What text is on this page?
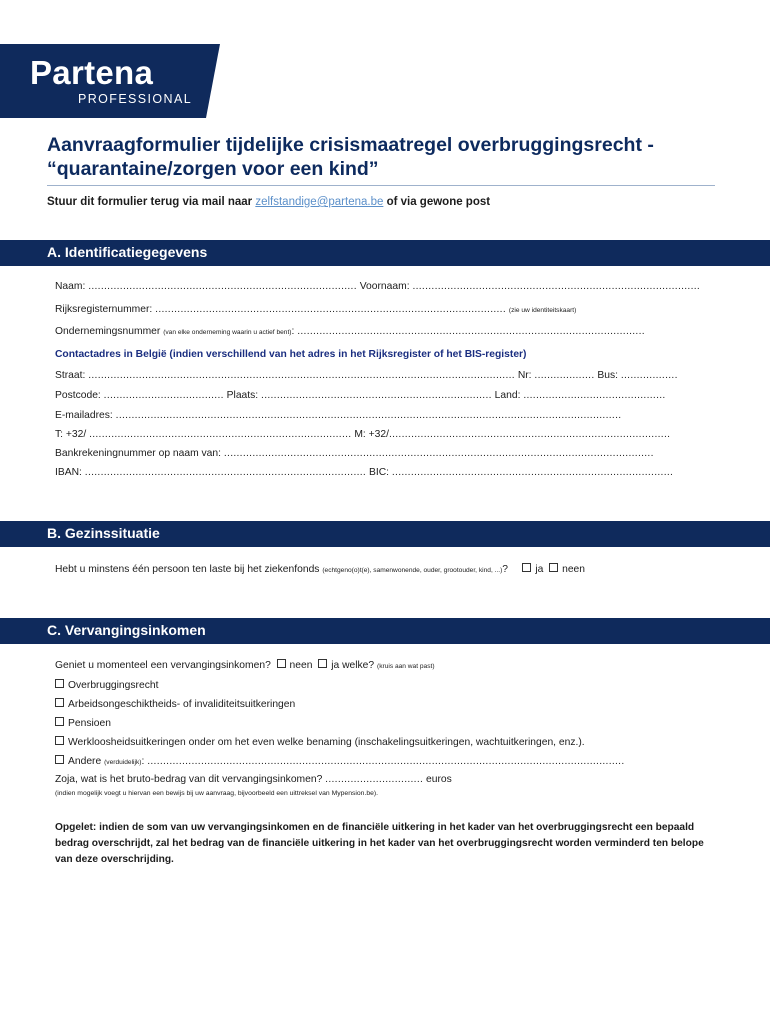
Partena
PROFESSIONAL
Aanvraagformulier tijdelijke crisismaatregel overbruggingsrecht -
“quarantaine/zorgen voor een kind”
Stuur dit formulier terug via mail naar zelfstandige@partena.be of via gewone post
A. Identificatiegegevens
Naam: ..................................................................................... Voornaam: ...........................................................................................
Rijksregisternummer: ............................................................................................................... (zie uw identiteitskaart)
Ondernemingsnummer (van elke onderneming waarin u actief bent): ..............................................................................................................
Contactadres in België (indien verschillend van het adres in het Rijksregister of het BIS-register)
Straat: ....................................................................................................................................... Nr: ................... Bus: ..................
Postcode: ...................................... Plaats: ......................................................................... Land: .............................................
E-mailadres: ................................................................................................................................................................
T: +32/ ................................................................................... M: +32/.........................................................................................
Bankrekeningnummer op naam van: ........................................................................................................................................
IBAN: ......................................................................................... BIC: .........................................................................................
B. Gezinssituatie
Hebt u minstens één persoon ten laste bij het ziekenfonds (echtgeno(o)t(e), samenwonende, ouder, grootouder, kind, ...)?	ja neen
C. Vervangingsinkomen
Geniet u momenteel een vervangingsinkomen? neen ja welke? (kruis aan wat past)
Overbruggingsrecht
Arbeidsongeschiktheids- of invaliditeitsuitkeringen
Pensioen
Werkloosheidsuitkeringen onder om het even welke benaming (inschakelingsuitkeringen, wachtuitkeringen, enz.).
Andere (verduidelijk): .......................................................................................................................................................
Zoja, wat is het bruto-bedrag van dit vervangingsinkomen? ............................... euros
(indien mogelijk voegt u hiervan een bewijs bij uw aanvraag, bijvoorbeeld een uittreksel van Mypension.be).
Opgelet: indien de som van uw vervangingsinkomen en de financiële uitkering in het kader van het overbruggingsrecht een bepaald bedrag overschrijdt, zal het bedrag van de financiële uitkering in het kader van het overbruggingsrecht worden verminderd ten belope van deze overschrijding.
